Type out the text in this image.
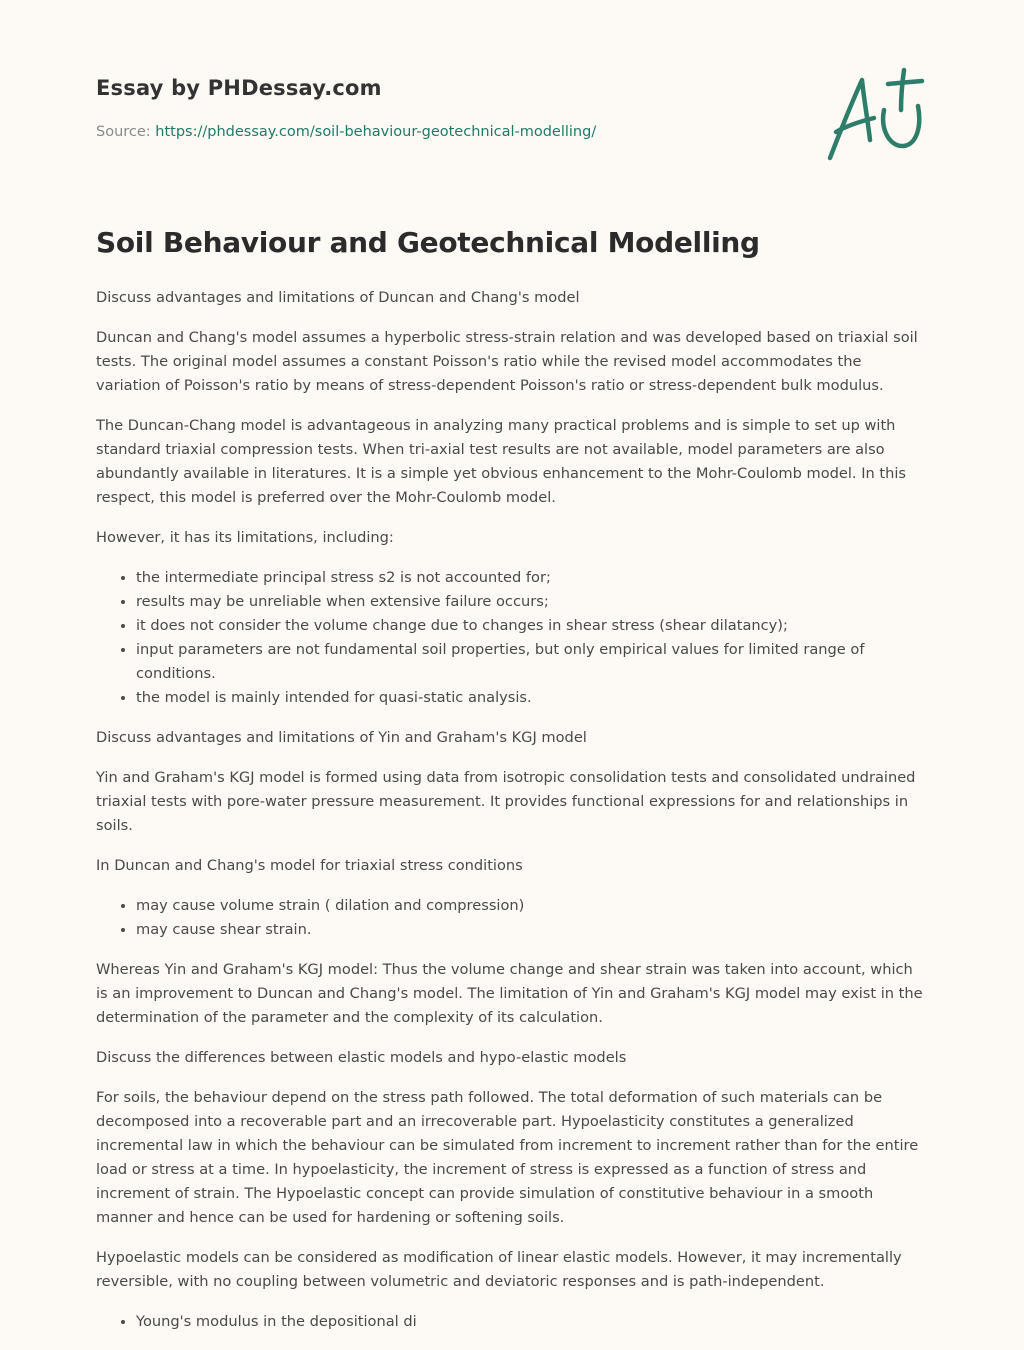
Essay by PHDessay.com

Source: https://phdessay.com/soil-behaviour-geotechnical-modelling/

Soil Behaviour and Geotechnical Modelling

Discuss advantages and limitations of Duncan and Chang's model

Duncan and Chang's model assumes a hyperbolic stress-strain relation and was developed based on triaxial soil tests. The original model assumes a constant Poisson's ratio while the revised model accommodates the variation of Poisson's ratio by means of stress-dependent Poisson's ratio or stress-dependent bulk modulus.

The Duncan-Chang model is advantageous in analyzing many practical problems and is simple to set up with standard triaxial compression tests. When tri-axial test results are not available, model parameters are also abundantly available in literatures. It is a simple yet obvious enhancement to the Mohr-Coulomb model. In this respect, this model is preferred over the Mohr-Coulomb model.

However, it has its limitations, including:

• the intermediate principal stress s2 is not accounted for;
• results may be unreliable when extensive failure occurs;
• it does not consider the volume change due to changes in shear stress (shear dilatancy);
• input parameters are not fundamental soil properties, but only empirical values for limited range of conditions.
• the model is mainly intended for quasi-static analysis.

Discuss advantages and limitations of Yin and Graham's KGJ model

Yin and Graham's KGJ model is formed using data from isotropic consolidation tests and consolidated undrained triaxial tests with pore-water pressure measurement. It provides functional expressions for and relationships in soils.

In Duncan and Chang's model for triaxial stress conditions

• may cause volume strain ( dilation and compression)
• may cause shear strain.

Whereas Yin and Graham's KGJ model: Thus the volume change and shear strain was taken into account, which is an improvement to Duncan and Chang's model. The limitation of Yin and Graham's KGJ model may exist in the determination of the parameter and the complexity of its calculation.

Discuss the differences between elastic models and hypo-elastic models

For soils, the behaviour depend on the stress path followed. The total deformation of such materials can be decomposed into a recoverable part and an irrecoverable part. Hypoelasticity constitutes a generalized incremental law in which the behaviour can be simulated from increment to increment rather than for the entire load or stress at a time. In hypoelasticity, the increment of stress is expressed as a function of stress and increment of strain. The Hypoelastic concept can provide simulation of constitutive behaviour in a smooth manner and hence can be used for hardening or softening soils.

Hypoelastic models can be considered as modification of linear elastic models. However, it may incrementally reversible, with no coupling between volumetric and deviatoric responses and is path-independent.

• Young's modulus in the depositional di
